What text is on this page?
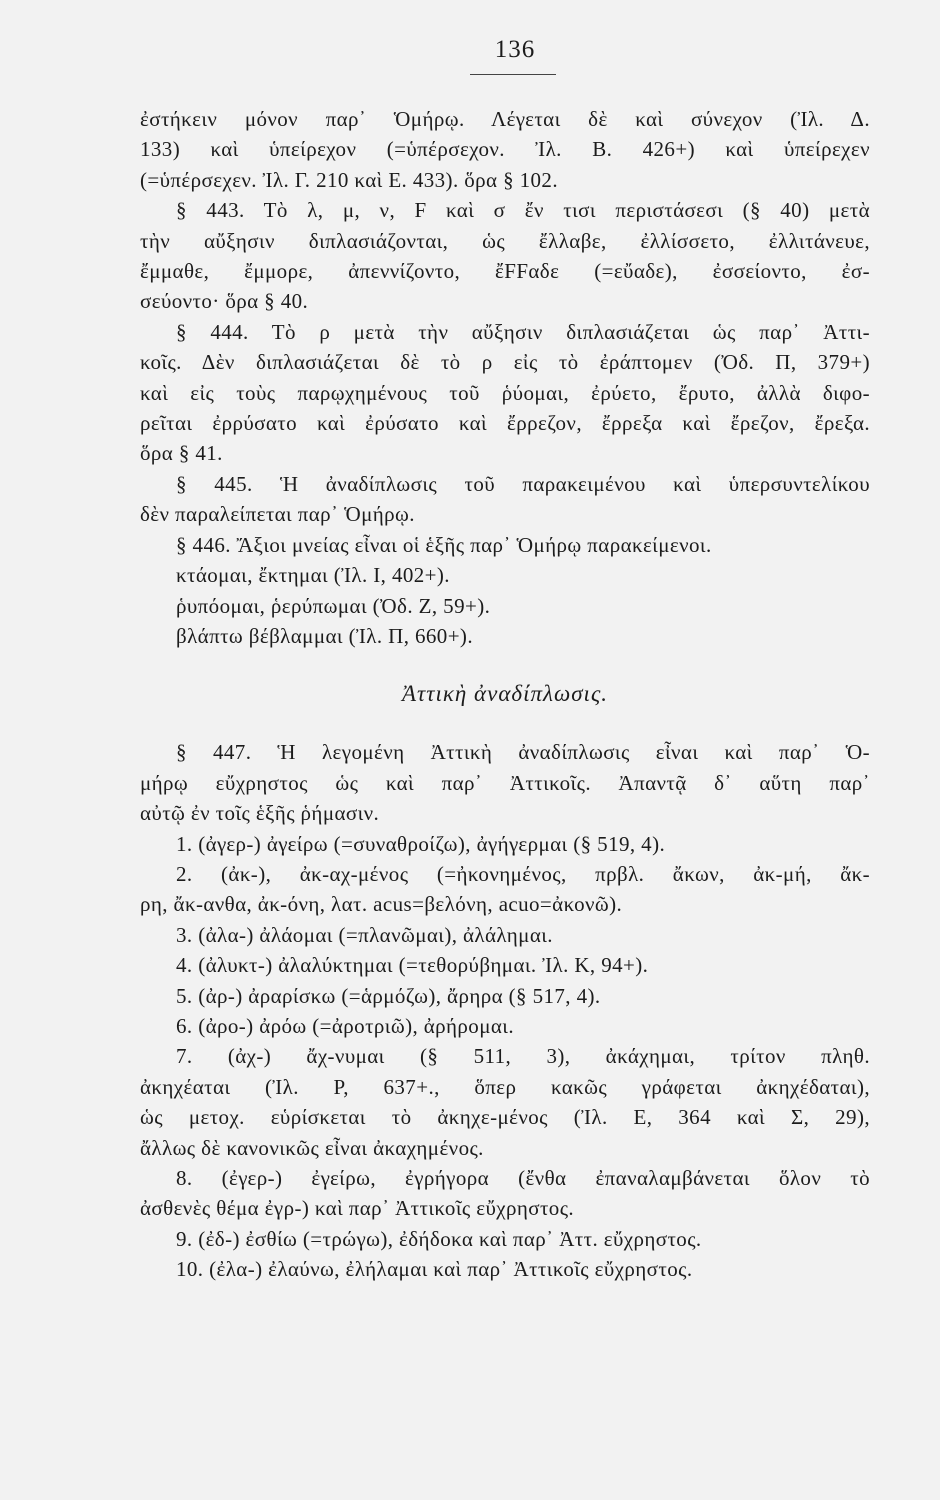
136
ἐστήκειν μόνον παρ᾽ Ὁμήρῳ. Λέγεται δὲ καὶ σύνεχον (Ἰλ. Δ.
133) καὶ ὑπείρεχον (=ὑπέρσεχον. Ἰλ. Β. 426+) καὶ ὑπείρεχεν
(=ὑπέρσεχεν. Ἰλ. Γ. 210 καὶ Ε. 433). ὅρα § 102.
§ 443. Τὸ λ, μ, ν, F καὶ σ ἔν τισι περιστάσεσι (§ 40) μετὰ
τὴν αὔξησιν διπλασιάζονται, ὡς ἔλλαβε, ἐλλίσσετο, ἐλλιτάνευε,
ἔμμαθε, ἔμμορε, ἀπεννίζοντο, ἔFFαδε (=εὔαδε), ἐσσείοντο, ἐσ-
σεύοντο· ὅρα § 40.
§ 444. Τὸ ρ μετὰ τὴν αὔξησιν διπλασιάζεται ὡς παρ᾽ Ἀττι-
κοῖς. Δὲν διπλασιάζεται δὲ τὸ ρ εἰς τὸ ἐράπτομεν (Ὀδ. Π, 379+)
καὶ εἰς τοὺς παρῳχημένους τοῦ ῥύομαι, ἐρύετο, ἔρυτο, ἀλλὰ διφο-
ρεῖται ἐρρύσατο καὶ ἐρύσατο καὶ ἔρρεζον, ἔρρεξα καὶ ἔρεζον, ἔρεξα.
ὅρα § 41.
§ 445. Ἡ ἀναδίπλωσις τοῦ παρακειμένου καὶ ὑπερσυντελίκου
δὲν παραλείπεται παρ᾽ Ὁμήρῳ.
§ 446. Ἄξιοι μνείας εἶναι οἱ ἑξῆς παρ᾽ Ὁμήρῳ παρακείμενοι.
κτάομαι, ἔκτημαι (Ἰλ. Ι, 402+).
ῥυπόομαι, ῥερύπωμαι (Ὀδ. Ζ, 59+).
βλάπτω βέβλαμμαι (Ἰλ. Π, 660+).
Ἀττικὴ ἀναδίπλωσις.
§ 447. Ἡ λεγομένη Ἀττικὴ ἀναδίπλωσις εἶναι καὶ παρ᾽ Ὁ-
μήρῳ εὔχρηστος ὡς καὶ παρ᾽ Ἀττικοῖς. Ἀπαντᾷ δ᾽ αὕτη παρ᾽
αὐτῷ ἐν τοῖς ἑξῆς ῥήμασιν.
1. (ἀγερ-) ἀγείρω (=συναθροίζω), ἀγήγερμαι (§ 519, 4).
2. (ἀκ-), ἀκ-αχ-μένος (=ἠκονημένος, πρβλ. ἄκων, ἀκ-μή, ἄκ-
ρη, ἄκ-ανθα, ἀκ-όνη, λατ. acus=βελόνη, acuo=ἀκονῶ).
3. (ἀλα-) ἀλάομαι (=πλανῶμαι), ἀλάλημαι.
4. (ἀλυκτ-) ἀλαλύκτημαι (=τεθορύβημαι. Ἰλ. Κ, 94+).
5. (ἀρ-) ἀραρίσκω (=ἁρμόζω), ἄρηρα (§ 517, 4).
6. (ἀρο-) ἀρόω (=ἀροτριῶ), ἀρήρομαι.
7. (ἀχ-) ἄχ-νυμαι (§ 511, 3), ἀκάχημαι, τρίτον πληθ.
ἀκηχέαται (Ἰλ. Ρ, 637+., ὅπερ κακῶς γράφεται ἀκηχέδαται),
ὡς μετοχ. εὑρίσκεται τὸ ἀκηχε-μένος (Ἰλ. Ε, 364 καὶ Σ, 29),
ἄλλως δὲ κανονικῶς εἶναι ἀκαχημένος.
8. (ἐγερ-) ἐγείρω, ἐγρήγορα (ἔνθα ἐπαναλαμβάνεται ὅλον τὸ
ἀσθενὲς θέμα ἐγρ-) καὶ παρ᾽ Ἀττικοῖς εὔχρηστος.
9. (ἐδ-) ἐσθίω (=τρώγω), ἐδήδοκα καὶ παρ᾽ Ἀττ. εὔχρηστος.
10. (ἐλα-) ἐλαύνω, ἐλήλαμαι καὶ παρ᾽ Ἀττικοῖς εὔχρηστος.
